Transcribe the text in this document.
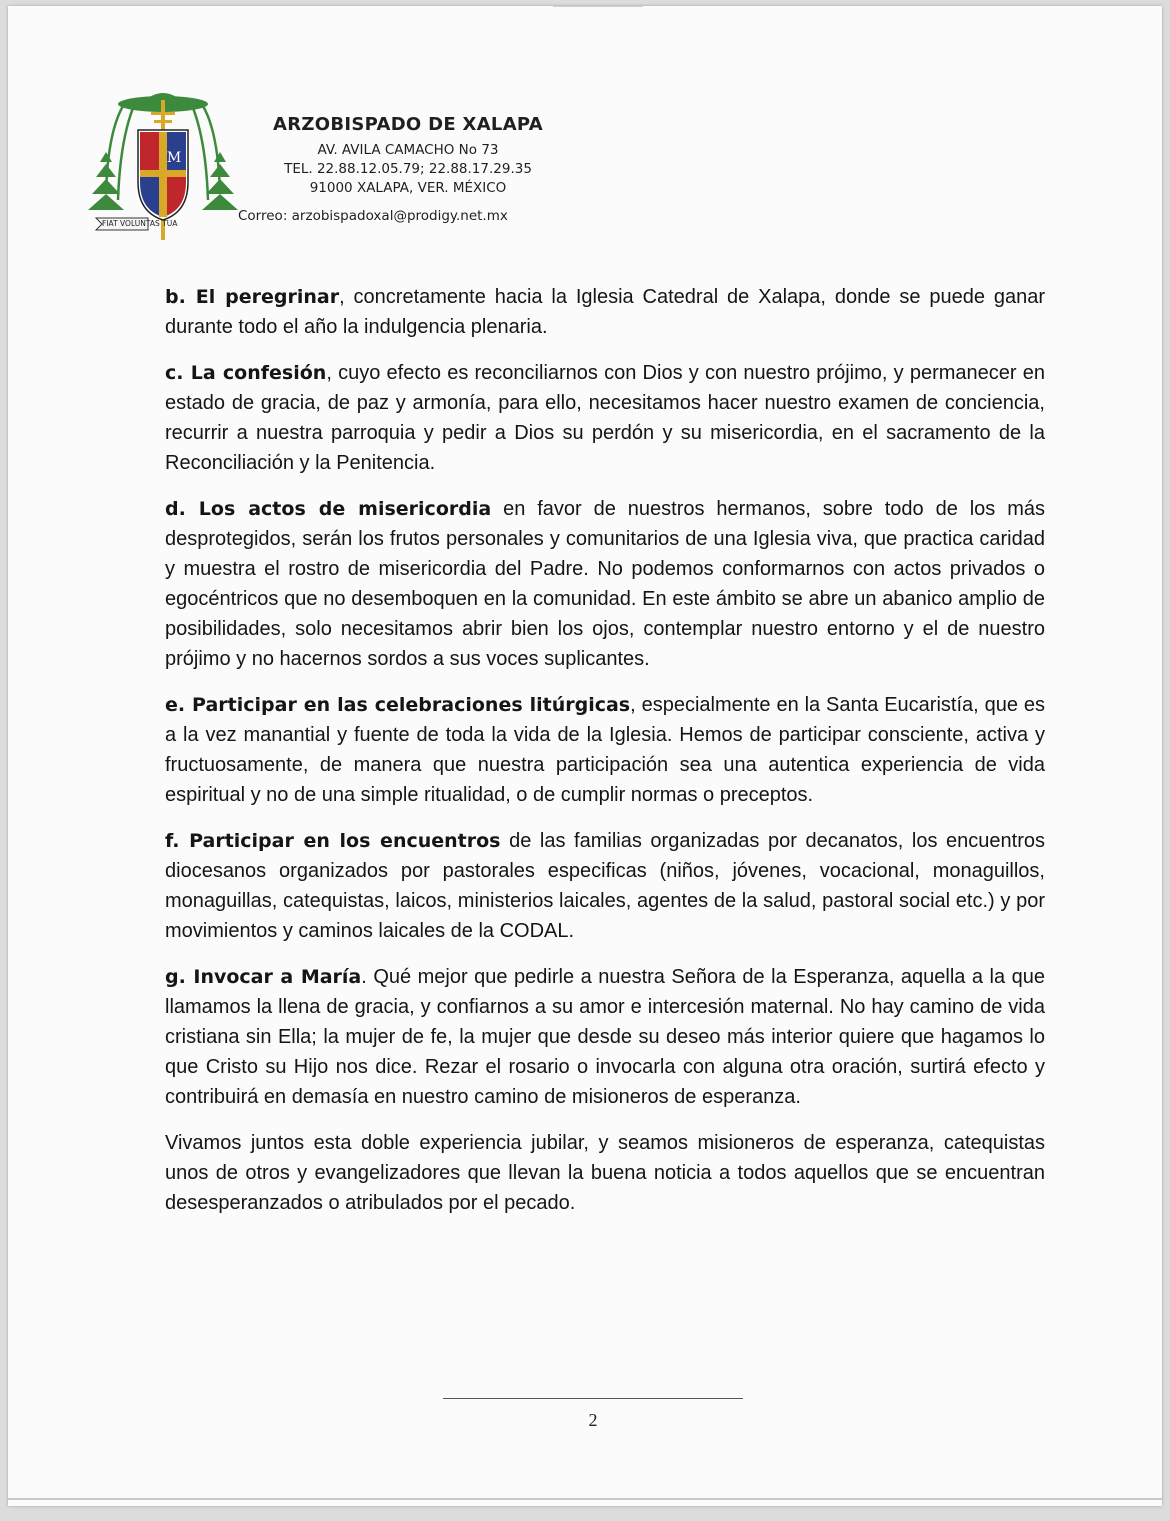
M
FIAT VOLUNTAS TUA
ARZOBISPADO DE XALAPA
AV. AVILA CAMACHO No 73
TEL. 22.88.12.05.79; 22.88.17.29.35
91000 XALAPA, VER. MÉXICO
Correo: arzobispadoxal@prodigy.net.mx

b. El peregrinar, concretamente hacia la Iglesia Catedral de Xalapa, donde se puede ganar durante todo el año la indulgencia plenaria.

c. La confesión, cuyo efecto es reconciliarnos con Dios y con nuestro prójimo, y permanecer en estado de gracia, de paz y armonía, para ello, necesitamos hacer nuestro examen de conciencia, recurrir a nuestra parroquia y pedir a Dios su perdón y su misericordia, en el sacramento de la Reconciliación y la Penitencia.

d. Los actos de misericordia en favor de nuestros hermanos, sobre todo de los más desprotegidos, serán los frutos personales y comunitarios de una Iglesia viva, que practica caridad y muestra el rostro de misericordia del Padre. No podemos conformarnos con actos privados o egocéntricos que no desemboquen en la comunidad. En este ámbito se abre un abanico amplio de posibilidades, solo necesitamos abrir bien los ojos, contemplar nuestro entorno y el de nuestro prójimo y no hacernos sordos a sus voces suplicantes.

e. Participar en las celebraciones litúrgicas, especialmente en la Santa Eucaristía, que es a la vez manantial y fuente de toda la vida de la Iglesia. Hemos de participar consciente, activa y fructuosamente, de manera que nuestra participación sea una autentica experiencia de vida espiritual y no de una simple ritualidad, o de cumplir normas o preceptos.

f. Participar en los encuentros de las familias organizadas por decanatos, los encuentros diocesanos organizados por pastorales especificas (niños, jóvenes, vocacional, monaguillos, monaguillas, catequistas, laicos, ministerios laicales, agentes de la salud, pastoral social etc.) y por movimientos y caminos laicales de la CODAL.

g. Invocar a María. Qué mejor que pedirle a nuestra Señora de la Esperanza, aquella a la que llamamos la llena de gracia, y confiarnos a su amor e intercesión maternal. No hay camino de vida cristiana sin Ella; la mujer de fe, la mujer que desde su deseo más interior quiere que hagamos lo que Cristo su Hijo nos dice. Rezar el rosario o invocarla con alguna otra oración, surtirá efecto y contribuirá en demasía en nuestro camino de misioneros de esperanza.

Vivamos juntos esta doble experiencia jubilar, y seamos misioneros de esperanza, catequistas unos de otros y evangelizadores que llevan la buena noticia a todos aquellos que se encuentran desesperanzados o atribulados por el pecado.

2
